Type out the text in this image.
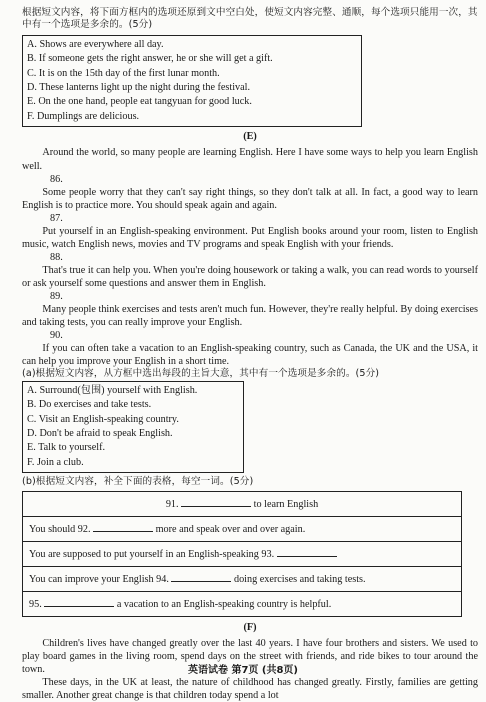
根据短文内容，将下面方框内的选项还原到文中空白处，使短文内容完整、通顺，每个选项只能用一次，其中有一个选项是多余的。(5分)

A. Shows are everywhere all day.
B. If someone gets the right answer, he or she will get a gift.
C. It is on the 15th day of the first lunar month.
D. These lanterns light up the night during the festival.
E. On the one hand, people eat tangyuan for good luck.
F. Dumplings are delicious.
(E)

Around the world, so many people are learning English. Here I have some ways to help you learn English well.

86.

Some people worry that they can't say right things, so they don't talk at all. In fact, a good way to learn English is to practice more. You should speak again and again.

87.

Put yourself in an English-speaking environment. Put English books around your room, listen to English music, watch English news, movies and TV programs and speak English with your friends.

88.

That's true it can help you. When you're doing housework or taking a walk, you can read words to yourself or ask yourself some questions and answer them in English.

89.

Many people think exercises and tests aren't much fun. However, they're really helpful. By doing exercises and taking tests, you can really improve your English.

90.

If you can often take a vacation to an English-speaking country, such as Canada, the UK and the USA, it can help you improve your English in a short time.

(a)根据短文内容，从方框中选出每段的主旨大意，其中有一个选项是多余的。(5分)

A. Surround(包围) yourself with English.
B. Do exercises and take tests.
C. Visit an English-speaking country.
D. Don't be afraid to speak English.
E. Talk to yourself.
F. Join a club.

(b)根据短文内容，补全下面的表格，每空一词。(5分)

91.	to learn English
You should 92.	more and speak over and over again.
You are supposed to put yourself in an English-speaking 93.
You can improve your English 94.	doing exercises and taking tests.
95.	a vacation to an English-speaking country is helpful.
(F)

Children's lives have changed greatly over the last 40 years. I have four brothers and sisters. We used to play board games in the living room, spend days on the street with friends, and ride bikes to tour around the town.

These days, in the UK at least, the nature of childhood has changed greatly. Firstly, families are getting smaller. Another great change is that children today spend a lot

英语试卷 第7页 (共8页)
